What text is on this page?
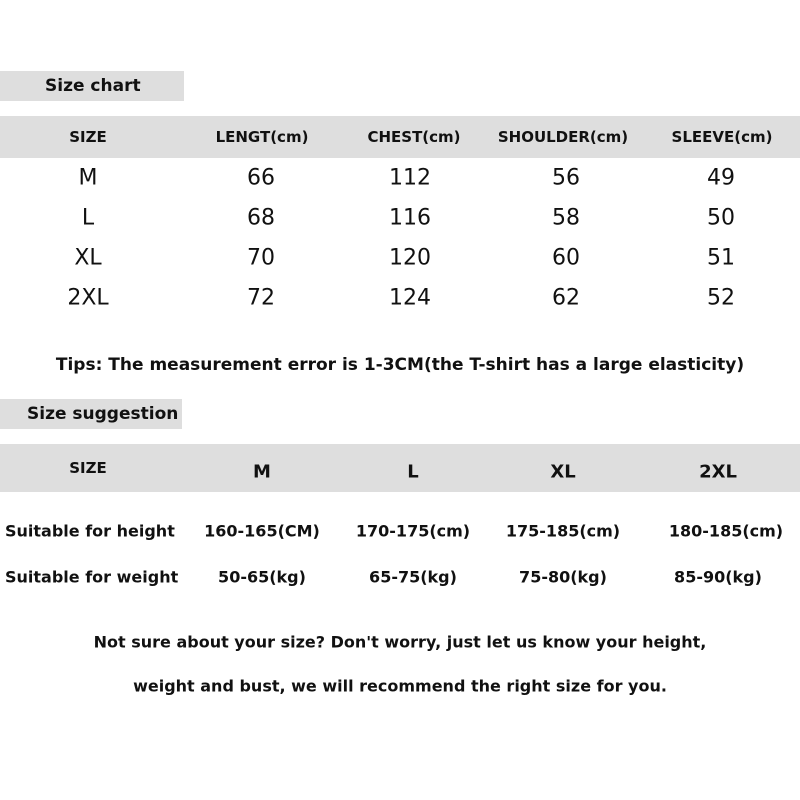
Size chart
SIZE	LENGT(cm)	CHEST(cm) SHOULDER(cm)	SLEEVE(cm)
M	66	112	56	49
L	68	116	58	50
XL	70	120	60	51
2XL	72	124	62	52
Tips: The measurement error is 1-3CM(the T-shirt has a large elasticity)
Size suggestion
SIZE	M	L	XL	2XL
Suitable for height 160-165(CM) 170-175(cm) 175-185(cm)	180-185(cm)
Suitable for weight 50-65(kg)	65-75(kg)	75-80(kg)	85-90(kg)
Not sure about your size? Don't worry, just let us know your height,
weight and bust, we will recommend the right size for you.
